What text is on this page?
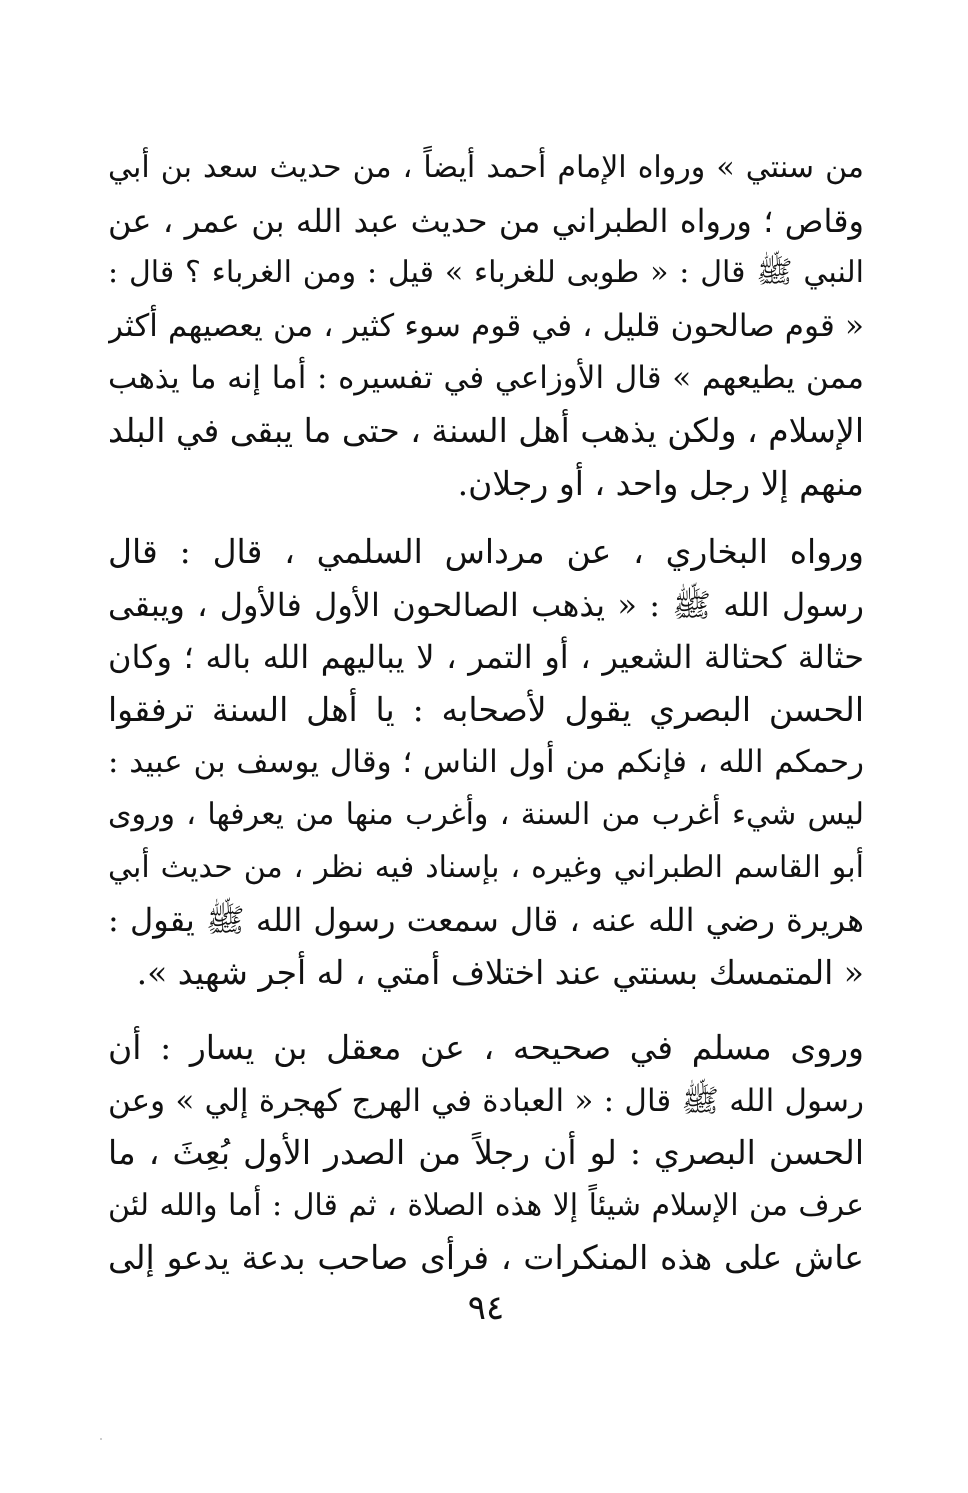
من سنتي » ورواه الإمام أحمد أيضاً ، من حديث سعد بن أبي
وقاص ؛ ورواه الطبراني من حديث عبد الله بن عمر ، عن
النبي ﷺ قال : « طوبى للغرباء » قيل : ومن الغرباء ؟ قال :
« قوم صالحون قليل ، في قوم سوء كثير ، من يعصيهم أكثر
ممن يطيعهم » قال الأوزاعي في تفسيره : أما إنه ما يذهب
الإسلام ، ولكن يذهب أهل السنة ، حتى ما يبقى في البلد
منهم إلا رجل واحد ، أو رجلان.
ورواه البخاري ، عن مرداس السلمي ، قال : قال
رسول الله ﷺ : « يذهب الصالحون الأول فالأول ، ويبقى
حثالة كحثالة الشعير ، أو التمر ، لا يباليهم الله باله ؛ وكان
الحسن البصري يقول لأصحابه : يا أهل السنة ترفقوا
رحمكم الله ، فإنكم من أول الناس ؛ وقال يوسف بن عبيد :
ليس شيء أغرب من السنة ، وأغرب منها من يعرفها ، وروى
أبو القاسم الطبراني وغيره ، بإسناد فيه نظر ، من حديث أبي
هريرة رضي الله عنه ، قال سمعت رسول الله ﷺ يقول :
« المتمسك بسنتي عند اختلاف أمتي ، له أجر شهيد ».
وروى مسلم في صحيحه ، عن معقل بن يسار : أن
رسول الله ﷺ قال : « العبادة في الهرج كهجرة إلي » وعن
الحسن البصري : لو أن رجلاً من الصدر الأول بُعِثَ ، ما
عرف من الإسلام شيئاً إلا هذه الصلاة ، ثم قال : أما والله لئن
عاش على هذه المنكرات ، فرأى صاحب بدعة يدعو إلى
٩٤
